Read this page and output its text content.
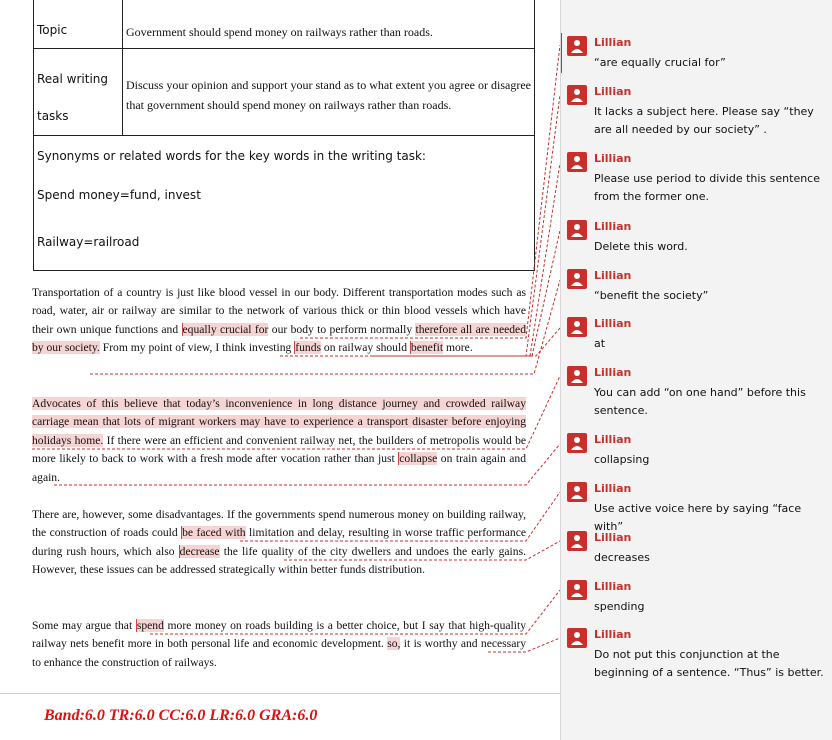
Topic	Government should spend money on railways rather than roads.
Real writing
tasks	Discuss your opinion and support your stand as to what extent you agree or disagree that government should spend money on railways rather than roads.

Synonyms or related words for the key words in the writing task:
Spend money=fund, invest
Railway=railroad	

Transportation of a country is just like blood vessel in our body. Different transportation modes such as road, water, air or railway are similar to the network of various thick or thin blood vessels which have their own unique functions and equally crucial for our body to perform normally therefore all are needed by our society. From my point of view, I think investing funds on railway should benefit more.

Advocates of this believe that today’s inconvenience in long distance journey and crowded railway carriage mean that lots of migrant workers may have to experience a transport disaster before enjoying holidays home. If there were an efficient and convenient railway net, the builders of metropolis would be more likely to back to work with a fresh mode after vocation rather than just collapse on train again and again.

There are, however, some disadvantages. If the governments spend numerous money on building railway, the construction of roads could be faced with limitation and delay, resulting in worse traffic performance during rush hours, which also decrease the life quality of the city dwellers and undoes the early gains. However, these issues can be addressed strategically within better funds distribution.

Some may argue that spend more money on roads building is a better choice, but I say that high-quality railway nets benefit more in both personal life and economic development. so, it is worthy and necessary to enhance the construction of railways.

Band:6.0 TR:6.0 CC:6.0 LR:6.0 GRA:6.0
Lillian
“are equally crucial for”
Lillian
It lacks a subject here. Please say “they are all needed by our society” .
Lillian
Please use period to divide this sentence from the former one.
Lillian
Delete this word.
Lillian
“benefit the society”
Lillian
at
Lillian
You can add “on one hand” before this sentence.
Lillian
collapsing
Lillian
Use active voice here by saying “face with”
Lillian
decreases
Lillian
spending
Lillian
Do not put this conjunction at the beginning of a sentence. “Thus” is better.
